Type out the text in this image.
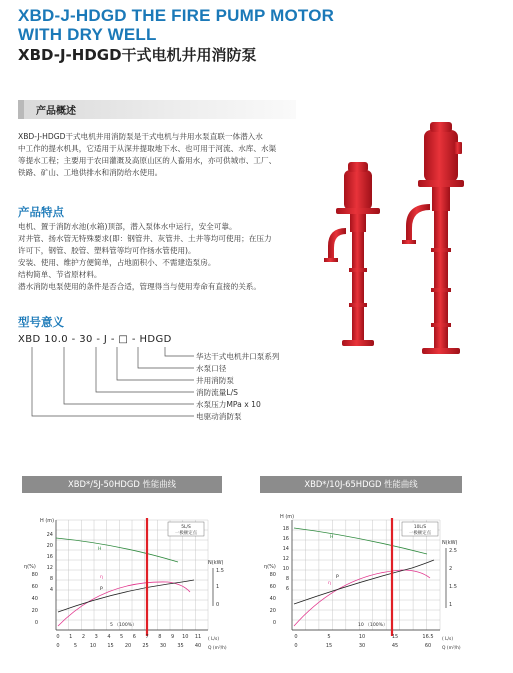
XBD-J-HDGD THE FIRE PUMP MOTOR
WITH DRY WELL
XBD-J-HDGD干式电机井用消防泵
产品概述
XBD-J-HDGD干式电机井用消防泵是干式电机与井用水泵直联一体潜入水
中工作的提水机具，它适用于从深井提取地下水、也可用于河流、水库、水渠
等提水工程；主要用于农田灌溉及高原山区的人畜用水，亦可供城市、工厂、
铁路、矿山、工地供排水和消防给水使用。
产品特点
电机、置于消防水池(水箱)顶部，潜入泵体水中运行，安全可靠。
对井管、扬水管无特殊要求(即：钢管井、灰管井、土井等均可使用；在压力
许可下，钢管、胶管、塑料管等均可作扬水管使用)。
安装、使用、维护方便简单，占地面积小、不需建造泵房。
结构简单、节省原材料。
潜水消防电泵使用的条件是否合适，管理得当与使用寿命有直接的关系。
型号意义
XBD 10.0 - 30 - J - □ - HDGD
华达干式电机井口泵系列
水泵口径
井用消防泵
消防流量L/S
水泵压力MPa x 10
电驱动消防泵
XBD*/5J-50HDGD 性能曲线	XBD*/10J-65HDGD 性能曲线
H (m)
24
20
16
12
8
4
η(%)
80
60
40
20
0
N(kW)
1.5
1
0
5L/S
一极额定点
5 （100%）
H
η
P
0 1 2 3 4 5 6 7 8 9 10 11 ( L/s)
0	5	10 15 20 25 30 35 40 Q (m³/h)
H (m)
18
16
14
12
10
8
6
η(%)
80
60
40
20
0
N(kW)
2.5
2
1.5
1
10L/S
一极额定点
10 （100%）
H
η
P
0	5	10	15	16.5 ( L/s)
0	15	30	45	60 Q (m³/h)
